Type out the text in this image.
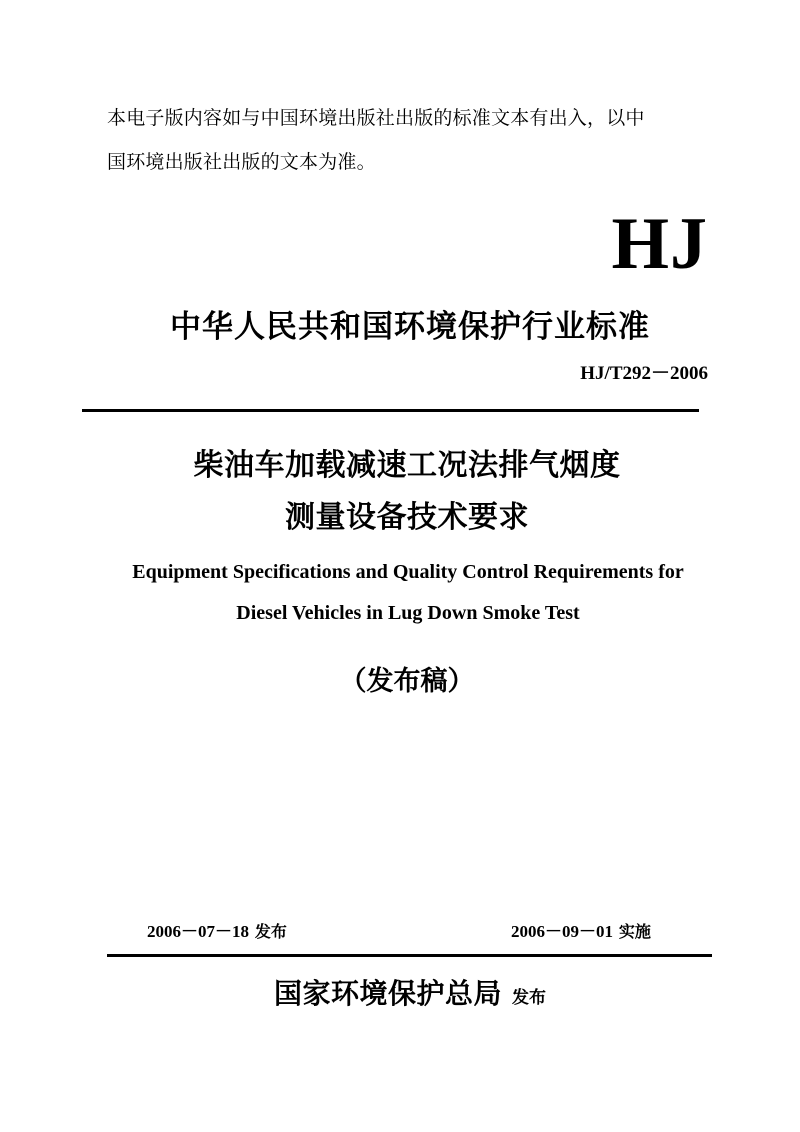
本电子版内容如与中国环境出版社出版的标准文本有出入，以中
国环境出版社出版的文本为准。
HJ
中华人民共和国环境保护行业标准
HJ/T292－2006
柴油车加载减速工况法排气烟度
测量设备技术要求
Equipment Specifications and Quality Control Requirements for
Diesel Vehicles in Lug Down Smoke Test
（发布稿）
2006－07－18 发布	2006－09－01 实施
国家环境保护总局 发布
